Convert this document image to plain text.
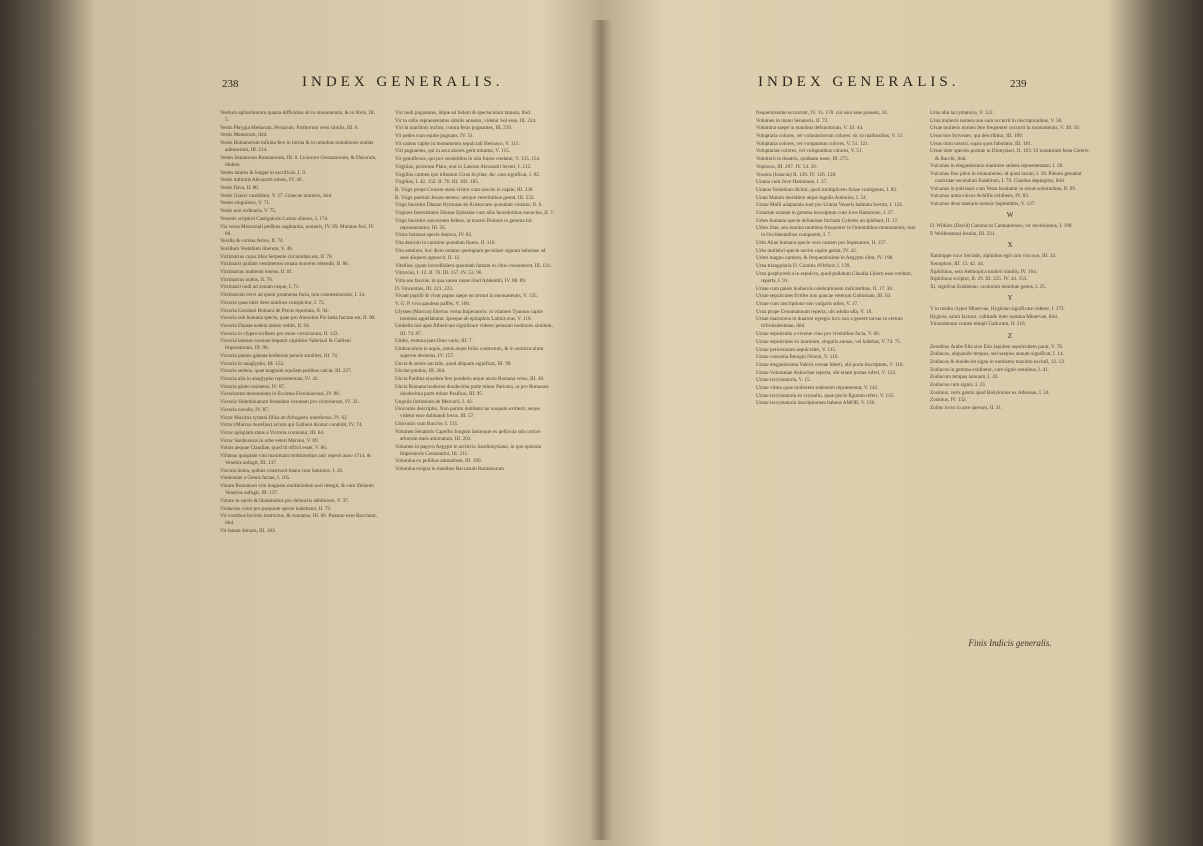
238	INDEX GENERALIS.
Vestium aptissimarum quanta difficultas sit in monumentis, & in libris, III. 5.
Vestis Phrygia Medorum, Persarum, Parthorum vesti similis, III. 8.
Vestis Mantorum, ibid.
Vestis Romanorum infinita fere in forma & in omnibus mutationes multas admiserunt, III. 214.
Vestes Senatorum Romanorum, III. 8. Lictorum Germanorum, & Dacorum, ibidem.
Vestes talares & longae in sacrificiis, I. 9.
Vestis militaris Alexandri nitens, IV. 46.
Vestis flava, II. 80.
Vestis Graeci candidum, V. 27. Graecae mulieris, ibid.
Vestes singulares, V. 71.
Vestis non ordinaria, V. 75.
Vetustis scriptori Castigatorio Latino alienus, I. 174.
Via verus Mercuriali pedibus sagittantia, numeris, IV. 89. Mutatae furi, IV. 88.
Vexilla & cornua ferrea, II. 74.
Vexillum Vestalium liberum, V. 48.
Victimarius cujus tibia Serpente circumdata est, II. 78.
Victimarii quidam vestimentis ornata muorem obtendit, II. 86.
Victimarius malleum tenens, II. 81.
Victimarius nudus, II. 76.
Victimarii nudi ad zonam usque, I. 71.
Victimarum cervi ad quem juramenta facta, non commemoratur, I. 34.
Victoria quae inter deos marinos conspicitur, I. 72.
Victoria Gordiani Romani de Persis reportata, II. 94.
Victoria sub humana specie, quae pro Antonino Pio laeta factum est, II. 90.
Victoria Dianae eadem tamen reddit, II. 94.
Victoria in clypeo scribens pro more victoriarum, II. 123.
Victoria laureas coronas imponit capitibus Valeriani & Gallieni Imperatorum, III. 98.
Victoria pennis galeata hodiernis pennis similiter, III. 74.
Victoria in anaglypho, III. 152.
Victoria sedens, quae magnum aquilam pedibus calcat, III. 227.
Victoria alia in anaglypho repraesentata, IV. 42.
Victoria globo insistens, IV. 87.
Victoriarum monumenta in Ecclesia Flaviniacensi, IV. 86.
Victoria Valentinianum ferandum coronam pro victoriarum, IV. 32.
Victoria navalis, IV. 87.
Victor Maxima tyranni filius ab Arbogasto interfectus, IV. 62.
Victor (Marcus Aurelius) arcum qui Gallieni dicatur condidit, IV. 74.
Victor quispiam stans a Victoria coronatur, III. 64.
Victor Sardicensis in urbe veteri Mersini, V. 89.
Viduis aequae Claudiae, quod id officii esset, V. 86.
Villanus quispiam vini maximam multimodum auri reperit anno 1714, & Venetiis aufugit, III. 137.
Vincula lintea, quibus construxit manu cum Saturnus, I. 26.
Vindemiae a Gemis factae, I. 165.
Vinum Romanum vim magnam multimodum auri detegit, & cum ifielanto Venerias aufugit, III. 137.
Vinum in sacris & libaminibus pro defunctis adhibitum, V. 37.
Violaceus color pro purpurae specie habebatur, II. 79.
Vir cornibus bovinis instructus, & cunuatus, III. 86. Panarae esse Bacchum, ibid.
Vir lanam donans, III. 183.
Viri nudi pugnantes, idque ad ludum & spectaculum tantum, ibid.
Vir in cello repraesentatus similis annatus, videtur Sol esse, III. 224.
Viri in machinis inclusi, contra feras pugnantes, III. 239.
Vir pedes cum equite pugnans, IV. 51.
Vir cantus capite in monumento sepulcrali Hetrusco, V. 115.
Viri pugnantes, qui in arca abores gerit nituntur, V. 115.
Vir genuflexus, qui pro vendeiibus in ulla fuisse credatur, V. 135. 154.
Virgilius, pictorum Plato, erat in Lateran Alexandri Severi, I. 212.
Virgilius carmen ipsi tributum Cirus Scyllae, &c. non significat, I. 82.
Virgilius, I. 42. 152. II. 76. III. 182. 185.
B. Virgo prope Crucem stans visitur cum sanctis in capite, III. 230.
B. Virgo puerum Jesum tenens: utrique veterimibus gestat, III. 233.
Virgo facerdos Dianae Hymniae ab Aristocrate quondam violatur, II. 6.
Virgines facerdotales Dianae Ephesiae cum aliis facerdotibus eunuchis, II. 7.
Virgo facerdos unicornem fedens, ut mortis Dolonis in gemma hic repraesentatur, III. 56.
Virtus humana specie depicta, IV. 82.
Vita deorum in carmine quondam finem, II. 110.
Vita omnium, hoc dicto notatur quempiam peculiare signum hebuisse ad sese aliquem agnoscit, II. 12.
Vitellius, quam incredibilem quondam famam in cibis consumeret, III. 121.
Vitruvius, I. 12. II. 76. III. 157. IV. 53. 96.
Vitta seu fasciae, in qua sanea vasae illud Aridentiti, IV. 88. 89.
D. Vincentius, III. 221. 223.
Vivant pupilli & vivat pupus saepe occurrunt in monumentis, V. 135.
V. G. P. viva gaudens paffes, V. 100.
Ulysses (Marcus) libertus verna Imperatoris: in vilamen Tyanum capite nominat appellabatur. Ipseque ab epitaphiis Latinis erat, V. 118.
Umbella nisi aput Albericum significare videtur petasum hodiernis similem, III. 74. 87.
Umbo, externa pars fimo varie, III. 7.
Umbraculum in aquis, ramis atque foliis contextum, & in semicirculum superne desinens, IV. 157.
Uncia & semis uncialis, quod aliquam significat, III. 99.
Unciae pondus, III. 204.
Uncia Pardina ejusdem fere ponderis atque uncia Romana vetus, III. 40.
Uncia Romana hodierna duodecima parte minor Parisina, ut pro Romanus duodecima parte minor Pasifino, III. 95.
Unguila fortissium de Mercurii, I. 42.
Unicornis descriptio, Non parum dubitatur an unquam extiterit, neque videtur esse dubitandi locus, III. 57.
Unicornis cum Baccho, I. 135.
Volumen Senatoris Capellio Iongum latumque ex pellicula sub cortice arborum meis adornatum, III. 203.
Volumen in papyro Aegypti in archivio Sandionysiano, in quo epistula Imperatoris Constantini, III. 211.
Volumina ex pellibus animalium, III. 209.
Volumina exigua in manibus Baccarum Romanorum
INDEX GENERALIS.	239
frequentissime occurrunt, IV. 15. 170. cui usui esse possent, 34.
Volumen in manu Senatoris, II. 72.
Volumina saepe in manibus defunctorum, V. 43. 44.
Voluptaria colores, vel voluntariorum colores: sic in marbusibus, V. 51.
Voluptaria colores, vel voluptatum colores, V. 51. 121.
Voluptariae colores, vel voluptatibus colores, V. 51.
Vomitorii in theatris, quidnam esset, III. 275.
Vopiscus, III. 207. IV. 54. 56.
Vossius (Isaacus) II. 129. IV. 126. 128.
Urania cum Jove Hammone, I. 37.
Uranus Vestalium dicitur, quod multiplicem fuisse contiguum, I. 82.
Urani Maium meridiem atque Iugulis Aulonius, I. 54.
Urnae Mulli adaptanda sunt pro Urania Veneris habitata fuerint, I. 124.
Urnariae notatae in gemma insculptum cum Jove Hammone, I. 37.
Urbes humana specie delineatae formam Cybeles accipiebant, II. 17.
Urbes illae, seu marina multiens frequenter in Orientalibus monumentis, tum in Occidentalibus comparent, I. 7.
Urbs Aliae humana specie vera cautem pro Imperatore, II. 157.
Urbs moliebri specie navim capite gestat, IV. 42.
Urbes magno numero, & frequentissime in Aegypto olim, IV. 198.
Urna triangularia D. Comitis d'Orford, I. 139.
Urna porphyretica in sepulcro, quod pullatum Claudia Liberti esse creditur, reperta, I. 91.
Urnae cum paleis hodiernis celebrationem indicantibus, II. 17. 38.
Urnae sepulcrales fictiles non paucae veterum Galloniam, III. 63.
Urnae cum inscriptione non vulgaris stiles, V. 17.
Urna prope Cenomannum reperta, ubi adulta olla, V. 18.
Urnae marmorea in duarum egregio loco suo a genere tarvae in certum trifrotisdesimae, ibid.
Urnae sepulcralis a vivente vino pro viventibus facta, V. 66.
Urnae sepulcrales ex marmore, singulis aureas, vel habebat, V. 74. 75.
Urnae poticerarum sepulcrales, V. 115.
Urnae cineraria Benigni Nionni, V. 116.
Urnae elegantissima Valerii vernae liberti, ubi porta inscriptum, V. 118.
Urnae Volumniae Antiochae reperta, ubi etiam portae inferi, V. 122.
Urnae lacrymatoria, V. 15.
Urnae vitrea quae mulierem sedentem repraesentat, V. 142.
Urnae lacrymatoria ex crystallo, quae piscis figuram refert, V. 135.
Urnae lacrymatoria inscriptionem habens AMOR, V. 136.
Urna alia lacrymatoria, V. 122.
Urna mulieris nomen non sum occurrit in inscriptionibus, V. 50.
Ursae mulieris nomen fere frequenter occurrit in monumentis, V. 49. 50.
Ursus bos Sylvester, qui describitur, III. 189.
Ursus olim orsorii, supra quos fabulatur, III. 181.
Ursae inter species positae in Dionysiaci, II. 103. Ut notaturum festa Cereris & Bacchi, ibid.
Vulcanus in elegantissimo marmore sedens repraesentatur, I. 58.
Vulcanus fine pileo in monumento, id quod rarum, I. 58. Pileum gestabat caniculae secundum Eusebium, I. 79. Claudus depingitur, ibid.
Vulcanus in pulvinari cum Vesta locabatur in sexus solemnibus, II. 99.
Vulcanus arma cuicos Achillis exhibens, IV. 83.
Vulcanus deus tutelaris mensis Septembris, V. 127.
W
D. Wilkins (David) Canonicus Cantuariensis, vir doctissimus, I. 198.
P. Wolfenstaud Jesuita, III. 221.
X
Xanthippe uxor Socratis, alpinibus egit cum viro suo, III. 33.
Xenophon, III. 13. 42. 44.
Xiphilinus, sera Aethiopica mulieri similis, IV. 164.
Xiphilinus scriptor, II. 29. III. 225. IV. 44. 153.
Xi, signifcat Eulabeian, oculorum mentitae genus, I. 35.
Y
Y in medio clypei Minervae, Hygieian significare videtur, I. 172.
Hygieia, saluti facturo, valtitudo inter nomina Minervae, ibid.
Ymundonum cumen templi Gallorum, II. 218.
Z
Zenobius Arabe filia sive Ezis lapidem sepulcralem parat, V. 70.
Zodiacus, aliquando tempus, sed saepius annum significat, I. 14.
Zodiacus & duodecim signa in numismo maximo exclufi, 12. 13.
Zodiacus in gemma exhibetur, cum signis omnibus, I. 41.
Zodiacum tempus annuum, I. 43.
Zodiacus cum signis, I. 23.
Zosimus, veris gentis apud Babylonios ex Atheniae, I. 24.
Zosimus, IV. 132.
Zoilus locus in arte operum, II. 31.
Finis Indicis generalis.
